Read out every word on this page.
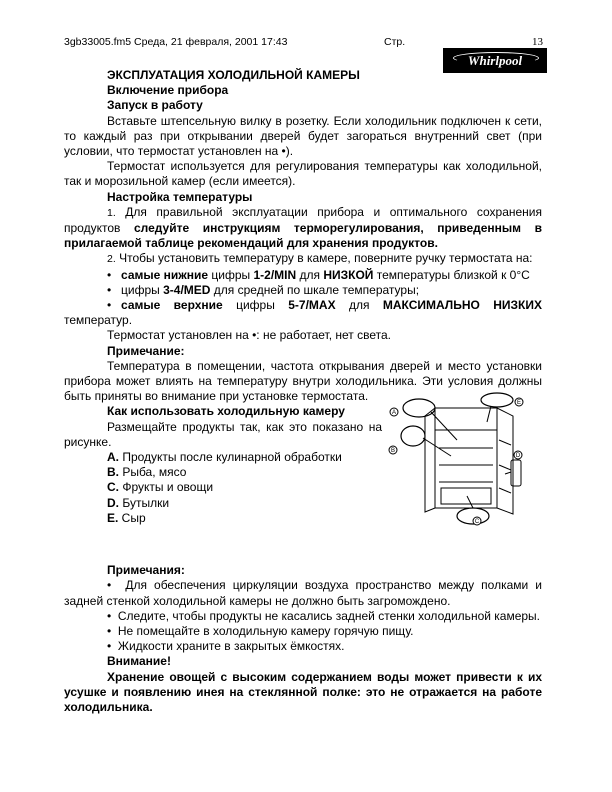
3gb33005.fm5 Среда, 21 февраля, 2001 17:43	Стр.	13
Whirlpool

ЭКСПЛУАТАЦИЯ ХОЛОДИЛЬНОЙ КАМЕРЫ

Включение прибора

Запуск в работу

Вставьте штепсельную вилку в розетку. Если холодильник подключен к сети, то каждый раз при открывании дверей будет загораться внутренний свет (при условии, что термостат установлен на •).

Термостат используется для регулирования температуры как холодильной, так и морозильной камер (если имеется).

Настройка температуры

1. Для правильной эксплуатации прибора и оптимального сохранения продуктов следуйте инструкциям терморегулирования, приведенным в прилагаемой таблице рекомендаций для хранения продуктов.

2. Чтобы установить температуру в камере, поверните ручку термостата на:

• самые нижние цифры 1-2/MIN для НИЗКОЙ температуры близкой к 0°C

• цифры 3-4/MED для средней по шкале температуры;

• самые верхние цифры 5-7/MAX для МАКСИМАЛЬНО НИЗКИХ температур.

Термостат установлен на •: не работает, нет света.

Примечание:

Температура в помещении, частота открывания дверей и место установки прибора может влиять на температуру внутри холодильника. Эти условия должны быть приняты во внимание при установке термостата.

Как использовать холодильную камеру

Размещайте продукты так, как это показано на рисунке.

A. Продукты после кулинарной обработки

B. Рыба, мясо

C. Фрукты и овощи

D. Бутылки

E. Сыр

Примечания:

•  Для обеспечения циркуляции воздуха пространство между полками и задней стенкой холодильной камеры не должно быть загромождено.

•  Следите, чтобы продукты не касались задней стенки холодильной камеры.

•  Не помещайте в холодильную камеру горячую пищу.

•  Жидкости храните в закрытых ёмкостях.

Внимание!

Хранение овощей с высоким содержанием воды может привести к их усушке и появлению инея на стеклянной полке: это не отражается на работе холодильника.

A
B
C
D
E
